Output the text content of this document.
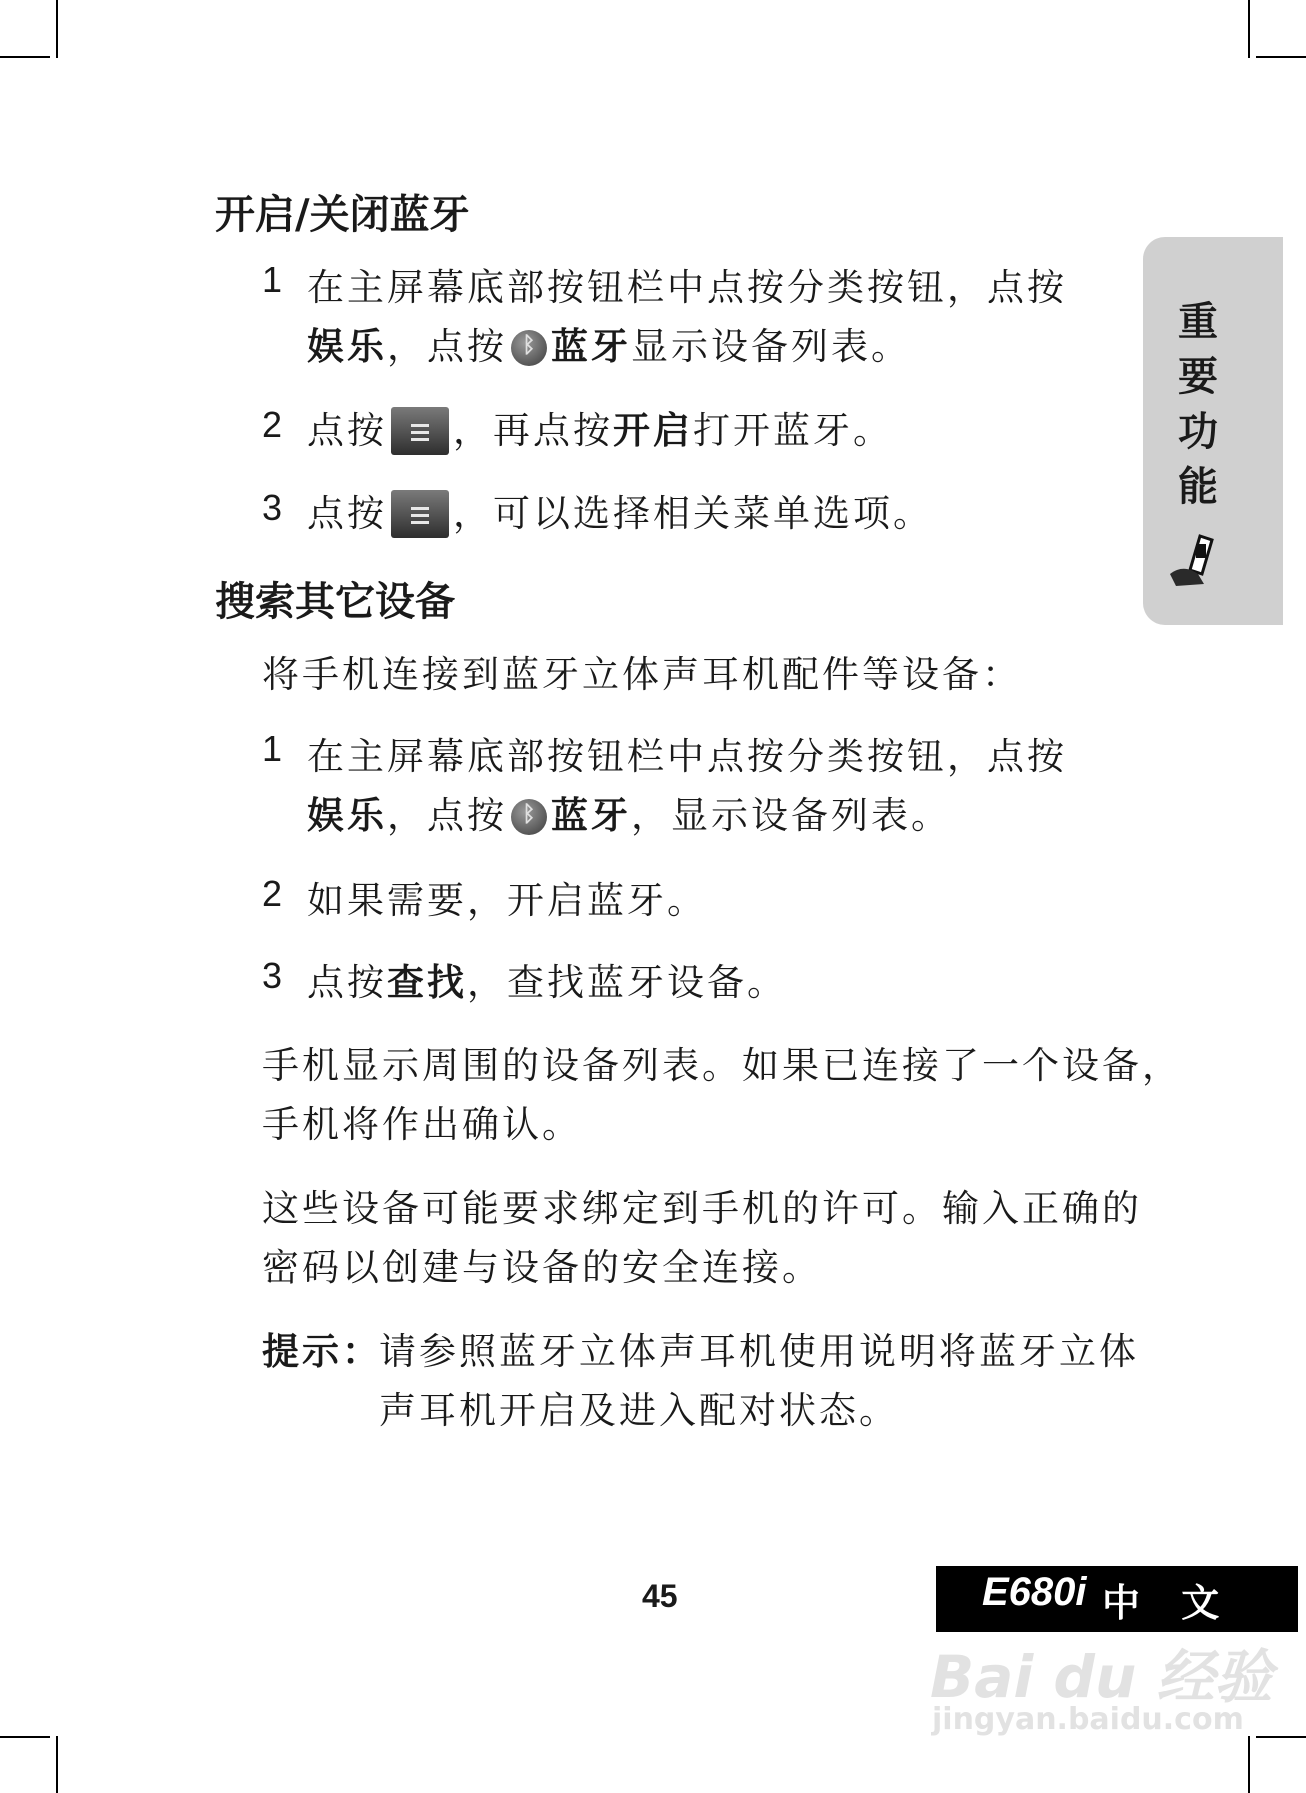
开启/关闭蓝牙
1 在主屏幕底部按钮栏中点按分类按钮，点按
娱乐，点按 ᛒ 蓝牙显示设备列表。
2 点按 ，再点按开启打开蓝牙。
3 点按 ，可以选择相关菜单选项。
搜索其它设备
将手机连接到蓝牙立体声耳机配件等设备：
1 在主屏幕底部按钮栏中点按分类按钮，点按
娱乐，点按 ᛒ 蓝牙，显示设备列表。
2 如果需要，开启蓝牙。
3 点按查找，查找蓝牙设备。
手机显示周围的设备列表。如果已连接了一个设备，
手机将作出确认。
这些设备可能要求绑定到手机的许可。输入正确的
密码以创建与设备的安全连接。
提示：
请参照蓝牙立体声耳机使用说明将蓝牙立体
声耳机开启及进入配对状态。
重
要
功
能
45	E680i 中 文
Bai du 经验
jingyan.baidu.com
